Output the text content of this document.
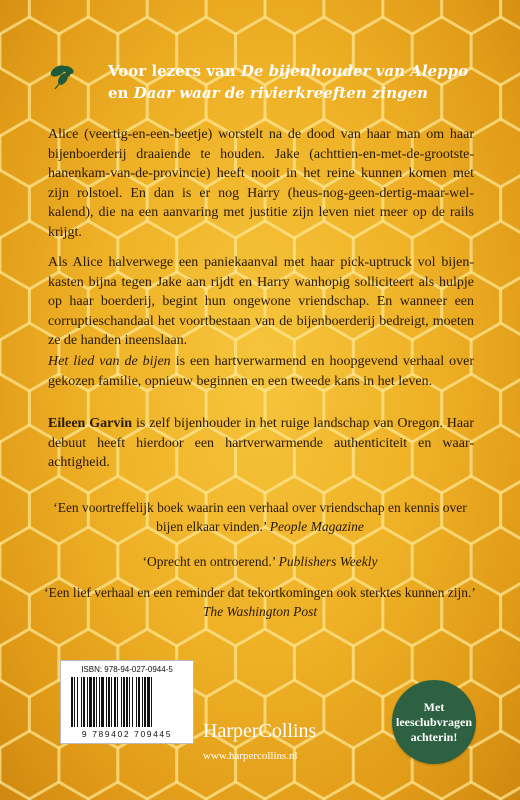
Voor lezers van De bijenhouder van Aleppo
en Daar waar de rivierkreeften zingen
Alice (veertig-en-een-beetje) worstelt na de dood van haar man om haar bijenboerderij draaiende te houden. Jake (achttien-en-met-de-grootste-hanenkam-van-de-provincie) heeft nooit in het reine kunnen komen met zijn rolstoel. En dan is er nog Harry (heus-nog-geen-dertig-maar-wel-kalend), die na een aanvaring met justitie zijn leven niet meer op de rails krijgt.
Als Alice halverwege een paniekaanval met haar pick-uptruck vol bijen-kasten bijna tegen Jake aan rijdt en Harry wanhopig solliciteert als hulpje op haar boerderij, begint hun ongewone vriendschap. En wanneer een corruptieschandaal het voortbestaan van de bijenboerderij bedreigt, moeten ze de handen ineenslaan.
Het lied van de bijen is een hartverwarmend en hoopgevend verhaal over gekozen familie, opnieuw beginnen en een tweede kans in het leven.
Eileen Garvin is zelf bijenhouder in het ruige landschap van Oregon. Haar debuut heeft hierdoor een hartverwarmende authenticiteit en waar-achtigheid.
‘Een voortreffelijk boek waarin een verhaal over vriendschap en kennis over bijen elkaar vinden.’ People Magazine
‘Oprecht en ontroerend.’ Publishers Weekly
‘Een lief verhaal en een reminder dat tekortkomingen ook sterktes kunnen zijn.’ The Washington Post
ISBN: 978-94-027-0944-5
9 789402 709445	HarperCollins
www.harpercollins.nl
Met
leesclubvragen
achterin!
